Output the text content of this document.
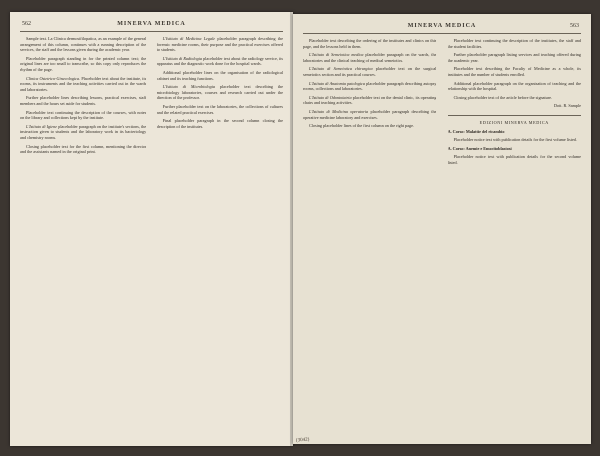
562	MINERVA MEDICA

Sample text. La Clinica dermosifilopatica, as an example of the general arrangement of this column, continues with a running description of the services, the staff and the lessons given during the academic year.

Placeholder paragraph standing in for the printed column text; the original lines are too small to transcribe, so this copy only reproduces the rhythm of the page.

Clinica Ostetrico-Ginecologica. Placeholder text about the institute, its rooms, its instruments and the teaching activities carried out in the wards and laboratories.

Further placeholder lines describing lessons, practical exercises, staff members and the hours set aside for students.

Placeholder text continuing the description of the courses, with notes on the library and collections kept by the institute.

L'Istituto di Igiene placeholder paragraph on the institute's sections, the instruction given to students and the laboratory work in its bacteriology and chemistry rooms.

Closing placeholder text for the first column, mentioning the director and the assistants named in the original print.

L'Istituto di Medicina Legale placeholder paragraph describing the forensic medicine rooms, their purpose and the practical exercises offered to students.

L'Istituto di Radiologia placeholder text about the radiology service, its apparatus and the diagnostic work done for the hospital wards.

Additional placeholder lines on the organisation of the radiological cabinet and its teaching functions.

L'Istituto di Microbiologia placeholder text describing the microbiology laboratories, courses and research carried out under the direction of the professor.

Further placeholder text on the laboratories, the collections of cultures and the related practical exercises.

Final placeholder paragraph in the second column closing the description of the institutes.

MINERVA MEDICA	563

Placeholder text describing the ordering of the institutes and clinics on this page, and the lessons held in them.

L'Istituto di Semeiotica medica placeholder paragraph on the wards, the laboratories and the clinical teaching of medical semeiotics.

L'Istituto di Semeiotica chirurgica placeholder text on the surgical semeiotics section and its practical courses.

L'Istituto di Anatomia patologica placeholder paragraph describing autopsy rooms, collections and laboratories.

L'Istituto di Odontoiatria placeholder text on the dental clinic, its operating chairs and teaching activities.

L'Istituto di Medicina operatoria placeholder paragraph describing the operative medicine laboratory and exercises.

Closing placeholder lines of the first column on the right page.

Placeholder text continuing the description of the institutes, the staff and the student facilities.

Further placeholder paragraph listing services and teaching offered during the academic year.

Placeholder text describing the Faculty of Medicine as a whole, its institutes and the number of students enrolled.

Additional placeholder paragraph on the organisation of teaching and the relationship with the hospital.

Closing placeholder text of the article before the signature.

Dott. R. Sample

EDIZIONI MINERVA MEDICA

A. Corso: Malattie del ricambio

Placeholder notice text with publication details for the first volume listed.

A. Corso: Anemie e Emocitoblastosi

Placeholder notice text with publication details for the second volume listed.

(3042)
